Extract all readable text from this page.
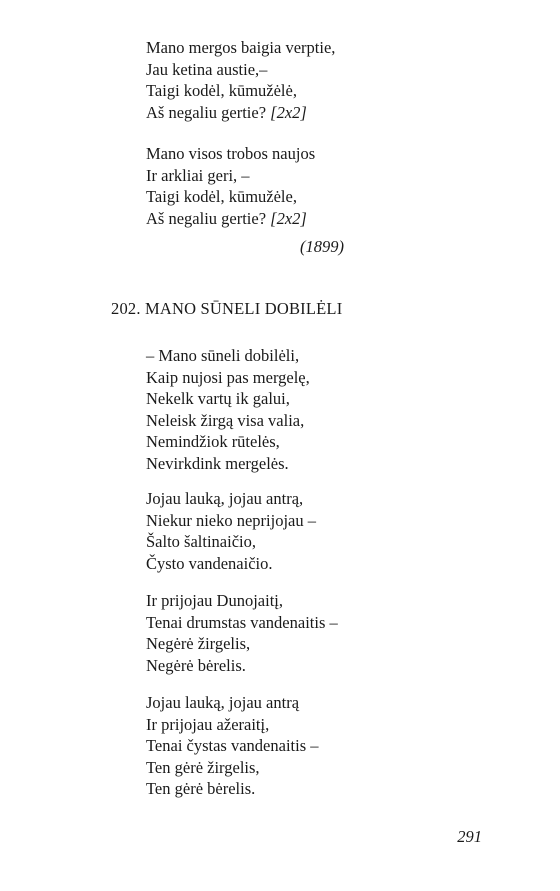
Mano mergos baigia verptie,
Jau ketina austie,–
Taigi kodėl, kūmužėlė,
Aš negaliu gertie? [2x2]
Mano visos trobos naujos
Ir arkliai geri, –
Taigi kodėl, kūmužėle,
Aš negaliu gertie? [2x2]
(1899)
202. MANO SŪNELI DOBILĖLI
– Mano sūneli dobilėli,
Kaip nujosi pas mergelę,
Nekelk vartų ik galui,
Neleisk žirgą visa valia,
Nemindžiok rūtelės,
Nevirkdink mergelės.
Jojau lauką, jojau antrą,
Niekur nieko neprijojau –
Šalto šaltinaičio,
Čysto vandenaičio.
Ir prijojau Dunojaitį,
Tenai drumstas vandenaitis –
Negėrė žirgelis,
Negėrė bėrelis.
Jojau lauką, jojau antrą
Ir prijojau ažeraitį,
Tenai čystas vandenaitis –
Ten gėrė žirgelis,
Ten gėrė bėrelis.
291
